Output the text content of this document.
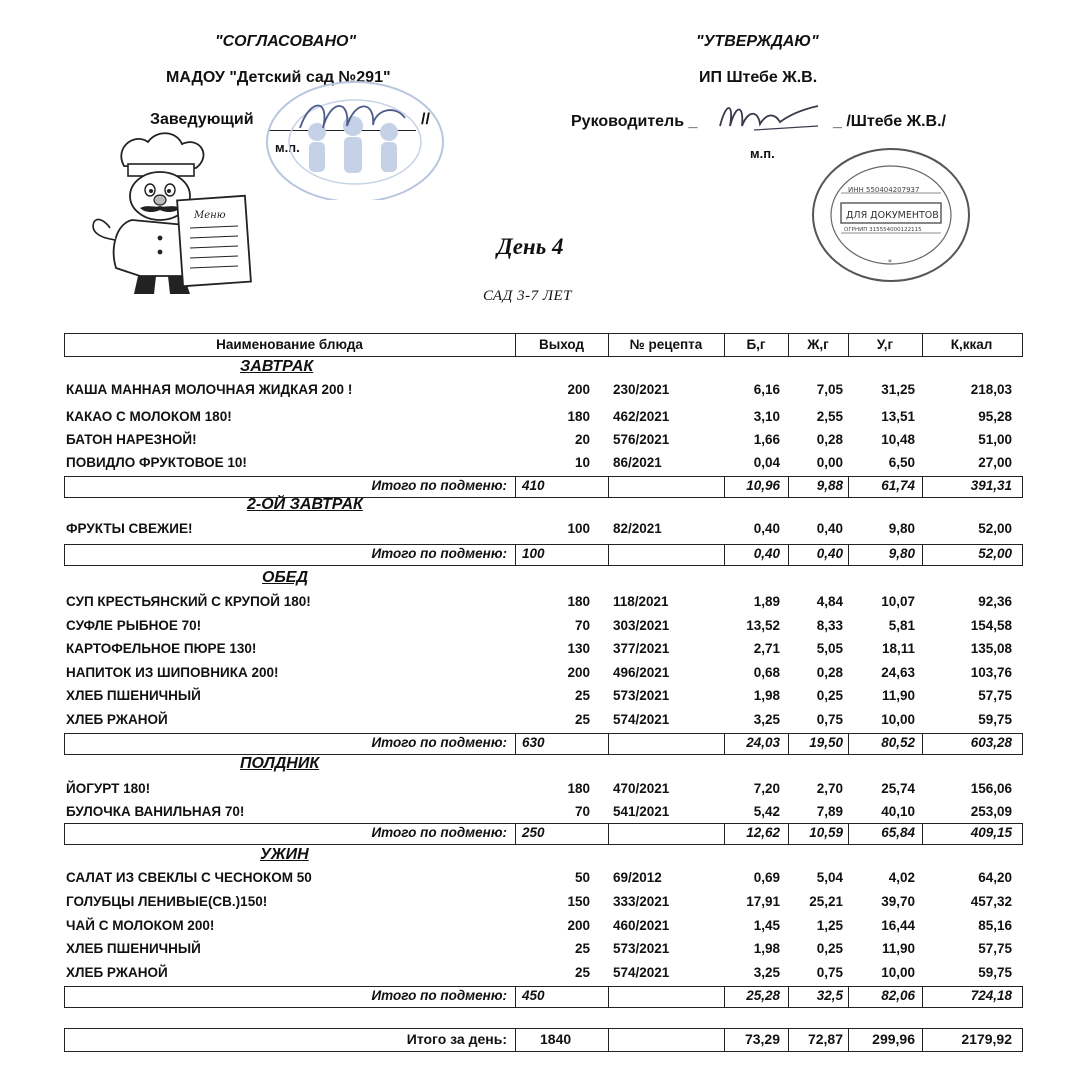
"СОГЛАСОВАНО"
МАДОУ "Детский сад №291"
Заведующий	//
м.п.
"УТВЕРЖДАЮ"
ИП Штебе Ж.В.
Руководитель _	_ /Штебе Ж.В./
м.п.
ИНН 550404207937
ДЛЯ ДОКУМЕНТОВ
ОГРНИП 315554000122115
*
Меню
День 4
САД 3-7 ЛЕТ
Наименование блюда	Выход	№ рецепта	Б,г	Ж,г	У,г	К,ккал
ЗАВТРАК
КАША МАННАЯ МОЛОЧНАЯ ЖИДКАЯ 200 !	200 230/2021	6,16	7,05	31,25	218,03
КАКАО С МОЛОКОМ 180!	180 462/2021	3,10	2,55	13,51	95,28
БАТОН НАРЕЗНОЙ!	20 576/2021	1,66	0,28	10,48	51,00
ПОВИДЛО ФРУКТОВОЕ 10!	10 86/2021	0,04	0,00	6,50	27,00
Итого по подменю: 410	10,96	9,88	61,74	391,31
2-ОЙ ЗАВТРАК
ФРУКТЫ СВЕЖИЕ!	100 82/2021	0,40	0,40	9,80	52,00
Итого по подменю: 100	0,40	0,40	9,80	52,00
ОБЕД
СУП КРЕСТЬЯНСКИЙ С КРУПОЙ 180!	180 118/2021	1,89	4,84	10,07	92,36
СУФЛЕ РЫБНОЕ 70!	70 303/2021	13,52	8,33	5,81	154,58
КАРТОФЕЛЬНОЕ ПЮРЕ 130!	130 377/2021	2,71	5,05	18,11	135,08
НАПИТОК ИЗ ШИПОВНИКА 200!	200 496/2021	0,68	0,28	24,63	103,76
ХЛЕБ ПШЕНИЧНЫЙ	25 573/2021	1,98	0,25	11,90	57,75
ХЛЕБ РЖАНОЙ	25 574/2021	3,25	0,75	10,00	59,75
Итого по подменю: 630	24,03	19,50	80,52	603,28
ПОЛДНИК
ЙОГУРТ 180!	180 470/2021	7,20	2,70	25,74	156,06
БУЛОЧКА ВАНИЛЬНАЯ 70!	70 541/2021	5,42	7,89	40,10	253,09
Итого по подменю: 250	12,62	10,59	65,84	409,15
УЖИН
САЛАТ ИЗ СВЕКЛЫ С ЧЕСНОКОМ 50	50 69/2012	0,69	5,04	4,02	64,20
ГОЛУБЦЫ ЛЕНИВЫЕ(СВ.)150!	150 333/2021	17,91	25,21	39,70	457,32
ЧАЙ С МОЛОКОМ 200!	200 460/2021	1,45	1,25	16,44	85,16
ХЛЕБ ПШЕНИЧНЫЙ	25 573/2021	1,98	0,25	11,90	57,75
ХЛЕБ РЖАНОЙ	25 574/2021	3,25	0,75	10,00	59,75
Итого по подменю: 450	25,28	32,5	82,06	724,18
Итого за день: 1840	73,29	72,87	299,96	2179,92
